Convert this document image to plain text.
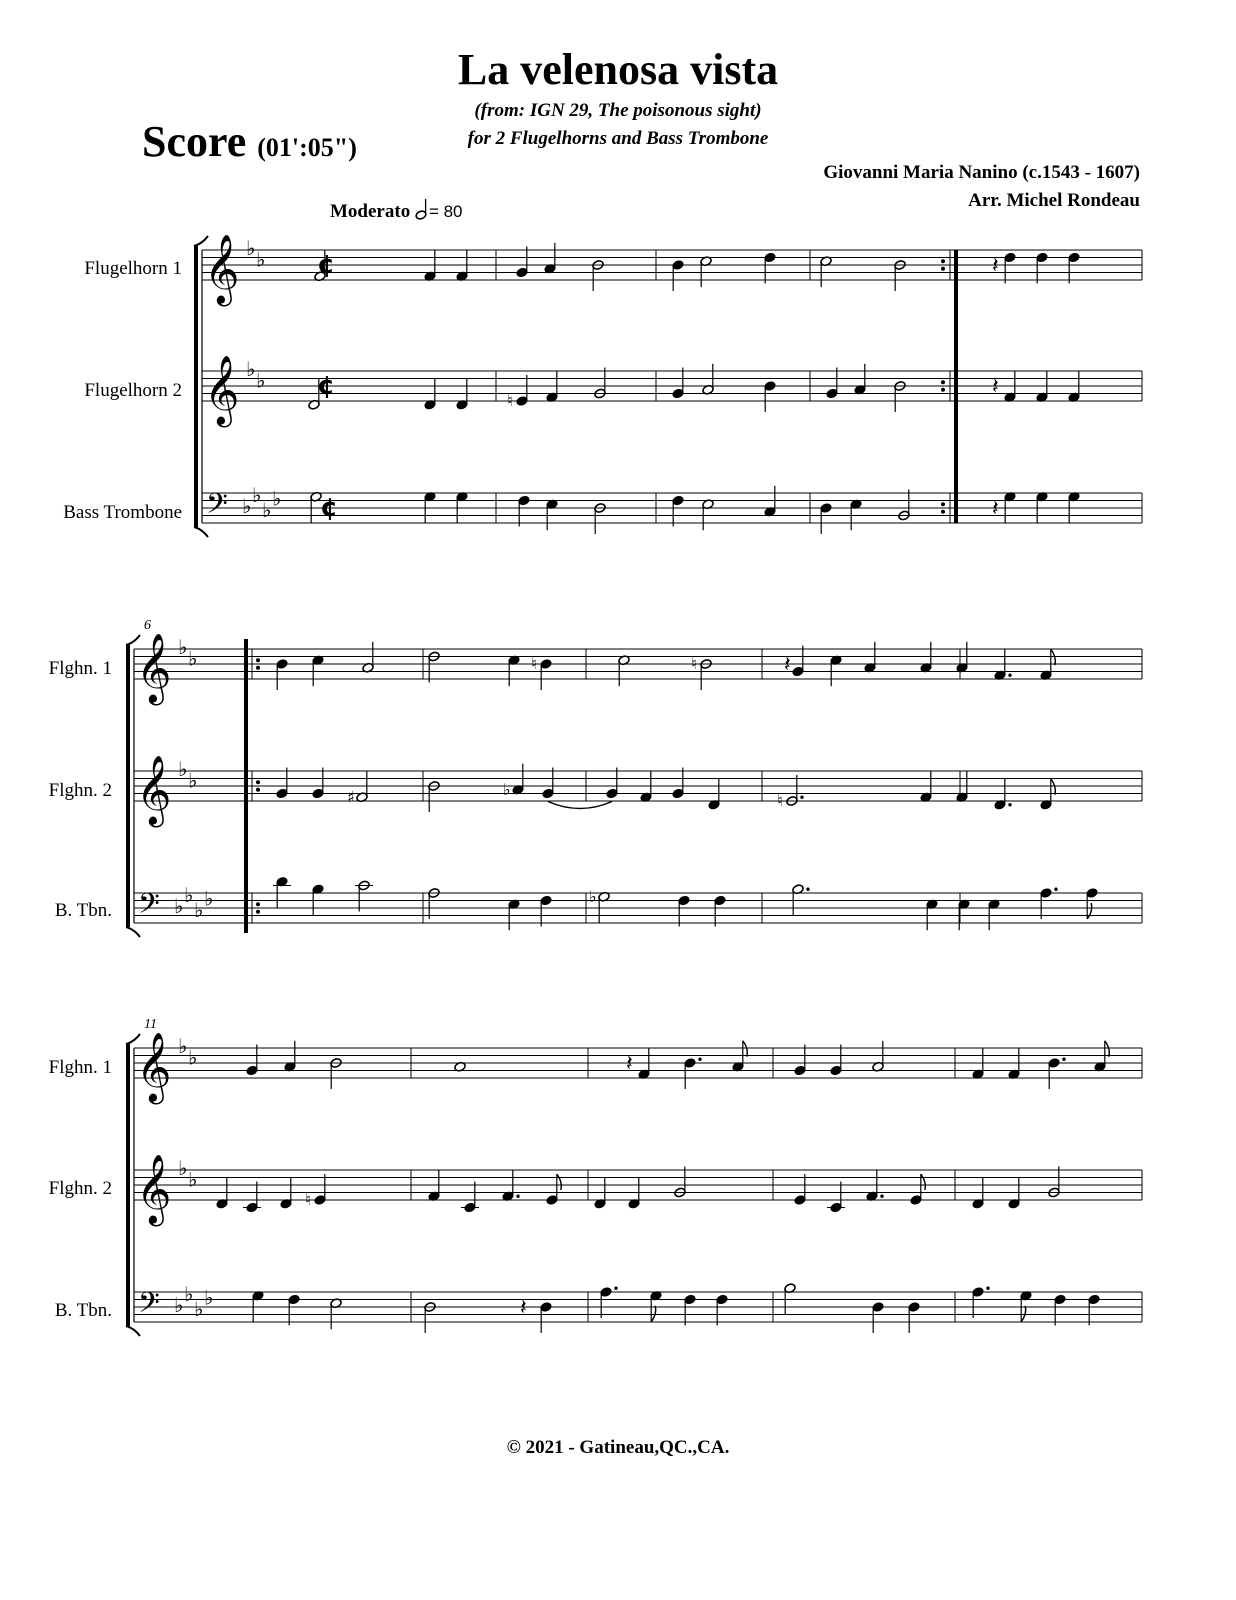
La velenosa vista
(from: IGN 29, The poisonous sight)
for 2 Flugelhorns and Bass Trombone
Score (01':05")
Giovanni Maria Nanino (c.1543 - 1607)
Arr. Michel Rondeau
Moderato = 80
Flugelhorn 1
Flugelhorn 2
Bass Trombone
Flghn. 1
Flghn. 2
B. Tbn.
Flghn. 1
Flghn. 2
B. Tbn.
6
11
𝄞 ♭ ♭ ¢
𝄞 ♭ ♭ ¢
𝄢 ♭ ♭
♭ ♭ ¢
𝄞 ♭ ♭
𝄞 ♭ ♭
𝄢 ♭ ♭
♭ ♭
𝄞 ♭ ♭
𝄞 ♭ ♭
𝄢 ♭ ♭
♭ ♭
♮
♮	♮
♯	♭
♮
♭
♮
𝄽
𝄽
𝄽
𝄽
𝄽
𝄽
© 2021 - Gatineau,QC.,CA.
